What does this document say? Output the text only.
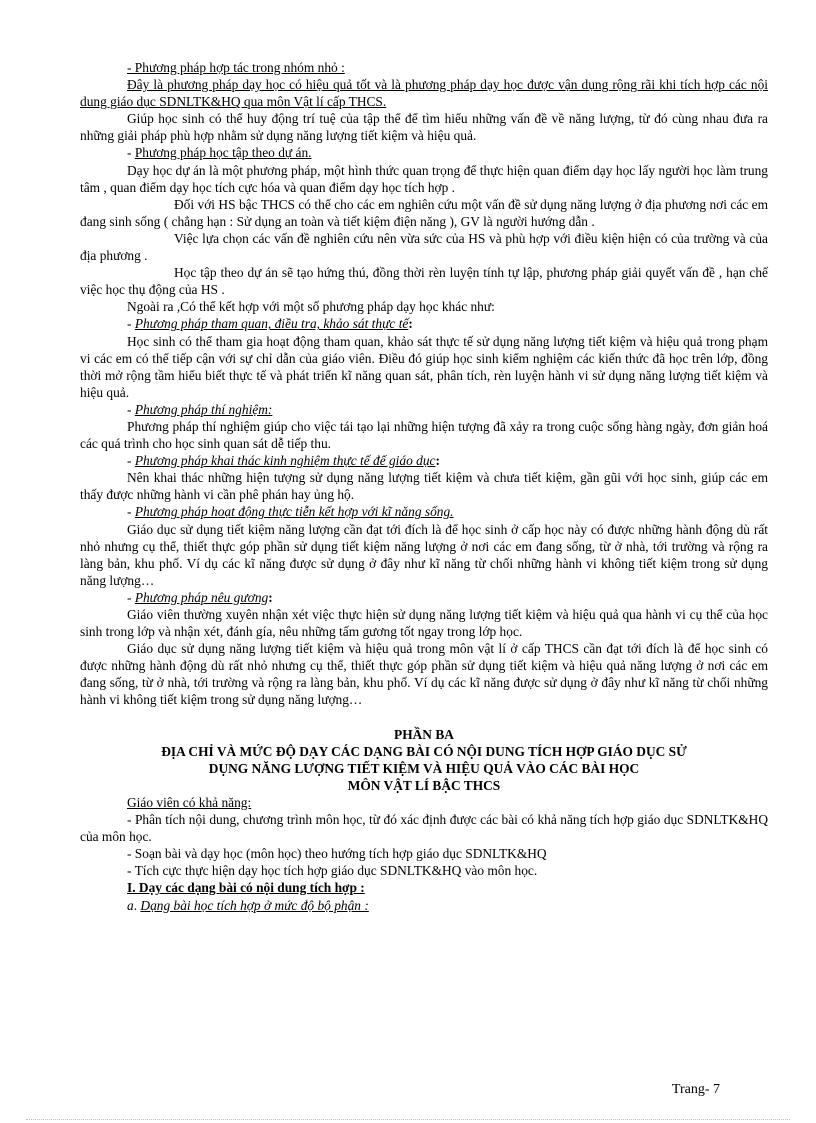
- Phương pháp hợp tác trong nhóm nhỏ :

Đây là phương pháp dạy học có hiệu quả tốt và là phương pháp dạy học được vận dụng rộng rãi khi tích hợp các nội dung giáo dục SDNLTK&HQ qua môn Vật lí cấp THCS.

Giúp học sinh có thể huy động trí tuệ của tập thể để tìm hiểu những vấn đề về năng lượng, từ đó cùng nhau đưa ra những giải pháp phù hợp nhằm sử dụng năng lượng tiết kiệm và hiệu quả.

- Phương pháp học tập theo dự án.

Dạy học dự án là một phương pháp, một hình thức quan trọng để thực hiện quan điểm dạy học lấy người học làm trung tâm , quan điểm dạy học tích cực hóa và quan điểm dạy học tích hợp .

Đối với HS bậc THCS có thể cho các em nghiên cứu một vấn đề sử dụng năng lượng ở địa phương nơi các em đang sinh sống ( chẳng hạn : Sử dụng an toàn và tiết kiệm điện năng ), GV là người hướng dẫn .

Việc lựa chọn các vấn đề nghiên cứu nên vừa sức của HS và phù hợp với điều kiện hiện có của trường và của địa phương .

Học tập theo dự án sẽ tạo hứng thú, đồng thời rèn luyện tính tự lập, phương pháp giải quyết vấn đề , hạn chế việc học thụ động của HS .

Ngoài ra ,Có thể kết hợp với một số phương pháp dạy học khác như:

- Phương pháp tham quan, điều tra, khảo sát thực tế:

Học sinh có thể tham gia hoạt động tham quan, khảo sát thực tế sử dụng năng lượng tiết kiệm và hiệu quả trong phạm vi các em có thể tiếp cận với sự chỉ dẫn của giáo viên. Điều đó giúp học sinh kiểm nghiệm các kiến thức đã học trên lớp, đồng thời mở rộng tầm hiểu biết thực tế và phát triển kĩ năng quan sát, phân tích, rèn luyện hành vi sử dụng năng lượng tiết kiệm và hiệu quả.

- Phương pháp thí nghiệm:

Phương pháp thí nghiệm giúp cho việc tái tạo lại những hiện tượng đã xảy ra trong cuộc sống hàng ngày, đơn giản hoá các quá trình cho học sinh quan sát dễ tiếp thu.

- Phương pháp khai thác kinh nghiệm thực tế để giáo dục:

Nên khai thác những hiện tượng sử dụng năng lượng tiết kiệm và chưa tiết kiệm, gần gũi với học sinh, giúp các em thấy được những hành vi cần phê phán hay ủng hộ.

- Phương pháp hoạt động thực tiễn kết hợp với kĩ năng sống.

Giáo dục sử dụng tiết kiệm năng lượng cần đạt tới đích là để học sinh ở cấp học này có được những hành động dù rất nhỏ nhưng cụ thể, thiết thực góp phần sử dụng tiết kiệm năng lượng ở nơi các em đang sống, từ ở nhà, tới trường và rộng ra làng bản, khu phố. Ví dụ các kĩ năng được sử dụng ở đây như kĩ năng từ chối những hành vi không tiết kiệm trong sử dụng năng lượng…

- Phương pháp nêu gương:

Giáo viên thường xuyên nhận xét việc thực hiện sử dụng năng lượng tiết kiệm và hiệu quả qua hành vi cụ thể của học sinh trong lớp và nhận xét, đánh gía, nêu những tấm gương tốt ngay trong lớp học.

Giáo dục sử dụng năng lượng tiết kiệm và hiệu quả trong môn vật lí ở cấp THCS cần đạt tới đích là để học sinh có được những hành động dù rất nhỏ nhưng cụ thể, thiết thực góp phần sử dụng tiết kiệm và hiệu quả năng lượng ở nơi các em đang sống, từ ở nhà, tới trường và rộng ra làng bản, khu phố. Ví dụ các kĩ năng được sử dụng ở đây như kĩ năng từ chối những hành vi không tiết kiệm trong sử dụng năng lượng…

PHẦN BA

ĐỊA CHỈ VÀ MỨC ĐỘ DẠY CÁC DẠNG BÀI CÓ NỘI DUNG TÍCH HỢP GIÁO DỤC SỬ

DỤNG NĂNG LƯỢNG TIẾT KIỆM VÀ HIỆU QUẢ VÀO CÁC BÀI HỌC

MÔN VẬT LÍ BẬC THCS

Giáo viên có khả năng:

- Phân tích nội dung, chương trình môn học, từ đó xác định được các bài có khả năng tích hợp giáo dục SDNLTK&HQ của môn học.

- Soạn bài và dạy học (môn học) theo hướng tích hợp giáo dục SDNLTK&HQ

- Tích cực thực hiện dạy học tích hợp giáo dục SDNLTK&HQ vào môn học.

I. Dạy các dạng bài có nội dung tích hợp :

a. Dạng bài học tích hợp ở mức độ bộ phận :

Trang- 7
